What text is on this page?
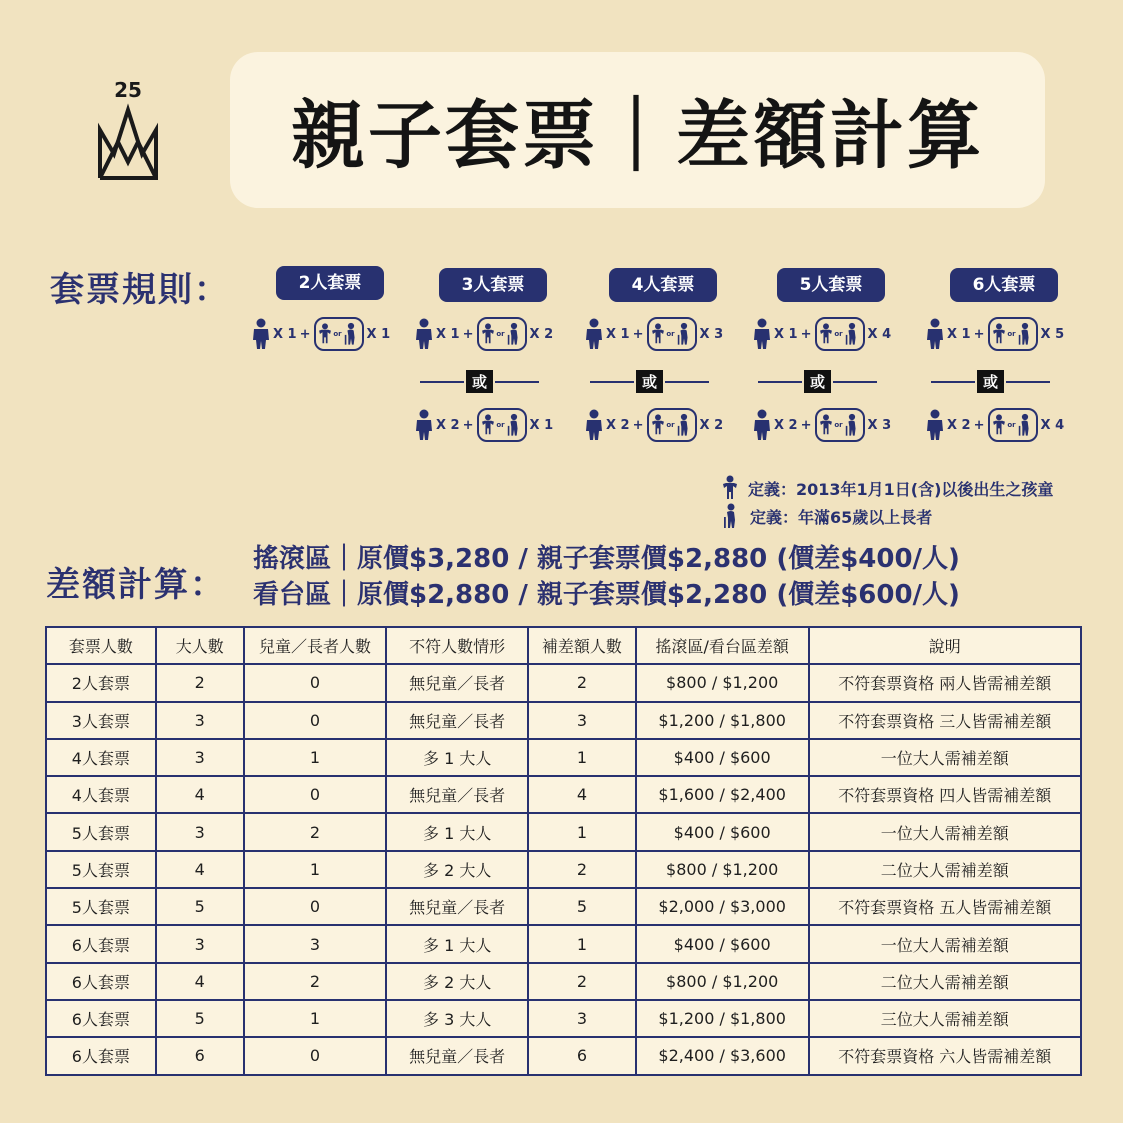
25
親子套票｜差額計算
套票規則：
定義：2013年1月1日(含)以後出生之孩童
定義：年滿65歲以上長者
差額計算：
搖滾區｜原價$3,280 / 親子套票價$2,880 (價差$400/人)
看台區｜原價$2,880 / 親子套票價$2,280 (價差$600/人)
套票人數	大人數	兒童／長者人數	不符人數情形	補差額人數	搖滾區/看台區差額	說明
2人套票	2	0	無兒童／長者	2	$800 / $1,200	不符套票資格 兩人皆需補差額
3人套票	3	0	無兒童／長者	3	$1,200 / $1,800	不符套票資格 三人皆需補差額
4人套票	3	1	多 1 大人	1	$400 / $600	一位大人需補差額
4人套票	4	0	無兒童／長者	4	$1,600 / $2,400	不符套票資格 四人皆需補差額
5人套票	3	2	多 1 大人	1	$400 / $600	一位大人需補差額
5人套票	4	1	多 2 大人	2	$800 / $1,200	二位大人需補差額
5人套票	5	0	無兒童／長者	5	$2,000 / $3,000	不符套票資格 五人皆需補差額
6人套票	3	3	多 1 大人	1	$400 / $600	一位大人需補差額
6人套票	4	2	多 2 大人	2	$800 / $1,200	二位大人需補差額
6人套票	5	1	多 3 大人	3	$1,200 / $1,800	三位大人需補差額
6人套票	6	0	無兒童／長者	6	$2,400 / $3,600	不符套票資格 六人皆需補差額
2人套票
X 1 +	or X 1
3人套票
X 1 +	or X 2
或
X 2 +	or X 1
4人套票
X 1 +	or X 3
或
X 2 +	or X 2
5人套票
X 1 +	or X 4
或
X 2 +	or X 3
6人套票
X 1 +	or X 5
或
X 2 +	or X 4
